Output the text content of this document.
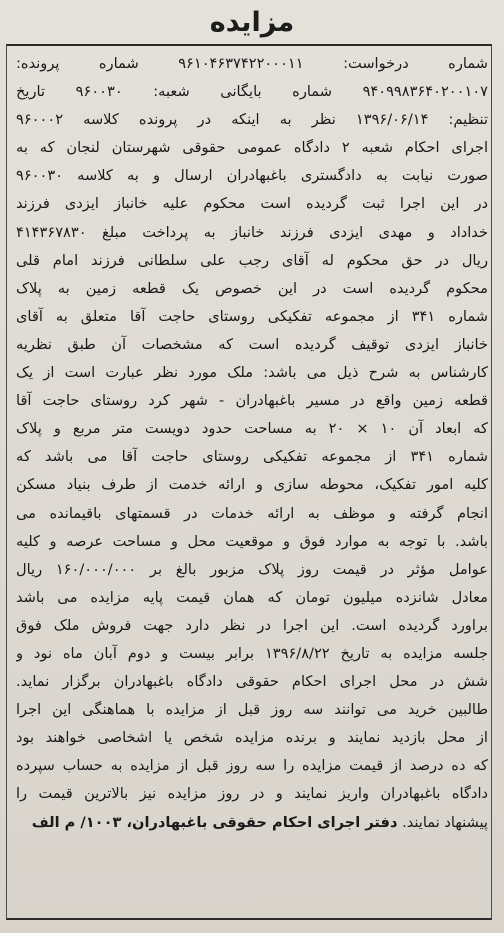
مزایده
شماره درخواست: ۹۶۱۰۴۶۳۷۴۲۲۰۰۰۱۱ شماره پرونده:
۹۴۰۹۹۸۳۶۴۰۲۰۰۱۰۷ شماره بایگانی شعبه: ۹۶۰۰۳۰ تاریخ
تنظیم: ۱۳۹۶/۰۶/۱۴ نظر به اینکه در پرونده کلاسه ۹۶۰۰۰۲
اجرای احکام شعبه ۲ دادگاه عمومی حقوقی شهرستان لنجان که به
صورت نیابت به دادگستری باغبهادران ارسال و به کلاسه ۹۶۰۰۳۰
در این اجرا ثبت گردیده است محکوم علیه خانباز ایزدی فرزند
خداداد و مهدی ایزدی فرزند خانباز به پرداخت مبلغ ۴۱۴۳۶۷۸۳۰
ریال در حق محکوم له آقای رجب علی سلطانی فرزند امام قلی
محکوم گردیده است در این خصوص یک قطعه زمین به پلاک
شماره ۳۴۱ از مجموعه تفکیکی روستای حاجت آقا متعلق به آقای
خانباز ایزدی توقیف گردیده است که مشخصات آن طبق نظریه
کارشناس به شرح ذیل می باشد: ملک مورد نظر عبارت است از یک
قطعه زمین واقع در مسیر باغبهادران - شهر کرد روستای حاجت آقا
که ابعاد آن ۱۰ × ۲۰ به مساحت حدود دویست متر مربع و پلاک
شماره ۳۴۱ از مجموعه تفکیکی روستای حاجت آقا می باشد که
کلیه امور تفکیک، محوطه سازی و ارائه خدمت از طرف بنیاد مسکن
انجام گرفته و موظف به ارائه خدمات در قسمتهای باقیمانده می
باشد. با توجه به موارد فوق و موقعیت محل و مساحت عرصه و کلیه
عوامل مؤثر در قیمت روز پلاک مزبور بالغ بر ۱۶۰/۰۰۰/۰۰۰ ریال
معادل شانزده میلیون تومان که همان قیمت پایه مزایده می باشد
براورد گردیده است. این اجرا در نظر دارد جهت فروش ملک فوق
جلسه مزایده به تاریخ ۱۳۹۶/۸/۲۲ برابر بیست و دوم آبان ماه نود و
شش در محل اجرای احکام حقوقی دادگاه باغبهادران برگزار نماید.
طالبین خرید می توانند سه روز قبل از مزایده با هماهنگی این اجرا
از محل بازدید نمایند و برنده مزایده شخص یا اشخاصی خواهند بود
که ده درصد از قیمت مزایده را سه روز قبل از مزایده به حساب سپرده
دادگاه باغبهادران واریز نمایند و در روز مزایده نیز بالاترین قیمت را
پیشنهاد نمایند. دفتر اجرای احکام حقوقی باغبهادران، ۱۰۰۳/ م الف
